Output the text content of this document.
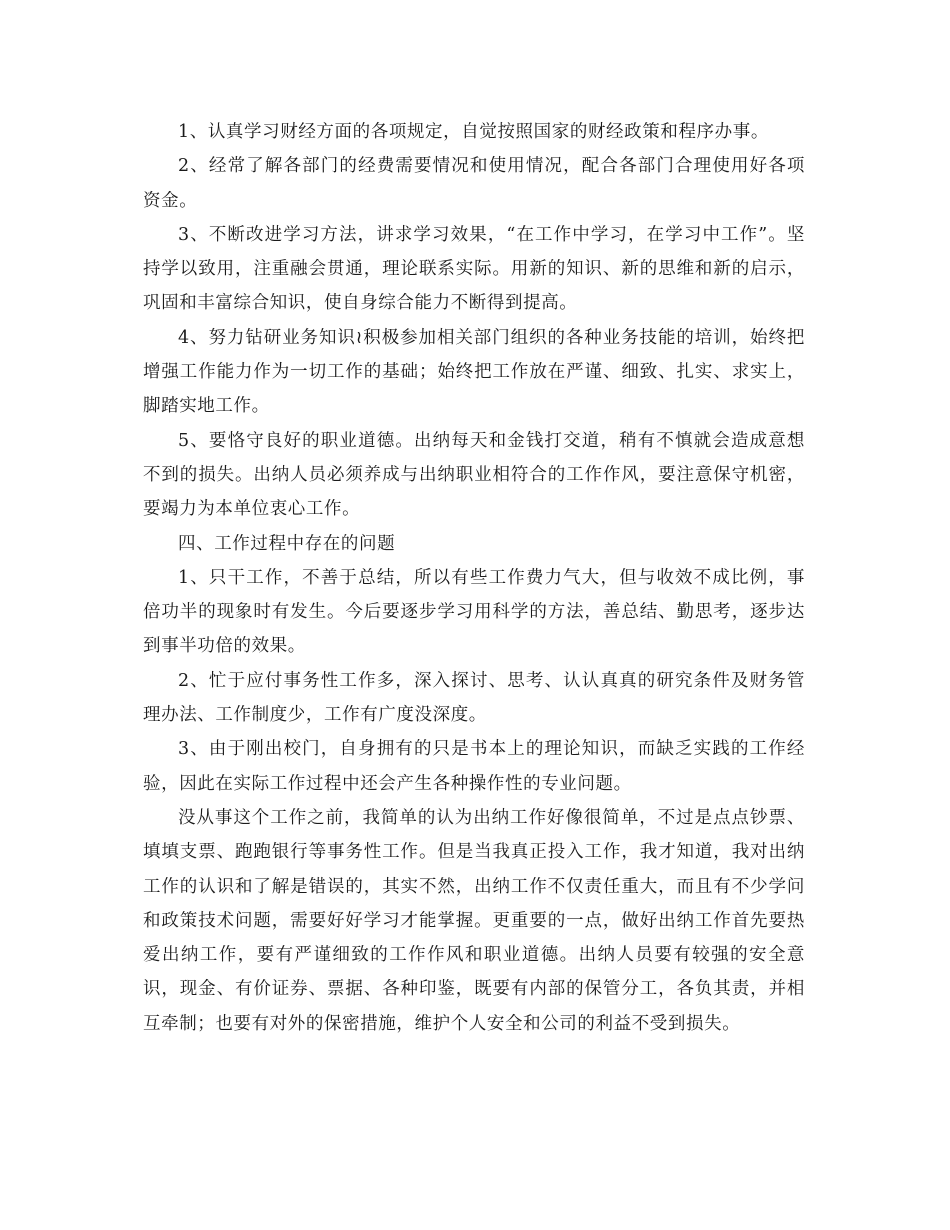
1、认真学习财经方面的各项规定，自觉按照国家的财经政策和程序办事。

2、经常了解各部门的经费需要情况和使用情况，配合各部门合理使用好各项资金。

3、不断改进学习方法，讲求学习效果，“在工作中学习，在学习中工作”。坚持学以致用，注重融会贯通，理论联系实际。用新的知识、新的思维和新的启示，巩固和丰富综合知识，使自身综合能力不断得到提高。

4、努力钻研业务知识≀积极参加相关部门组织的各种业务技能的培训，始终把增强工作能力作为一切工作的基础；始终把工作放在严谨、细致、扎实、求实上，脚踏实地工作。

5、要恪守良好的职业道德。出纳每天和金钱打交道，稍有不慎就会造成意想不到的损失。出纳人员必须养成与出纳职业相符合的工作作风，要注意保守机密，要竭力为本单位衷心工作。

四、工作过程中存在的问题

1、只干工作，不善于总结，所以有些工作费力气大，但与收效不成比例，事倍功半的现象时有发生。今后要逐步学习用科学的方法，善总结、勤思考，逐步达到事半功倍的效果。

2、忙于应付事务性工作多，深入探讨、思考、认认真真的研究条件及财务管理办法、工作制度少，工作有广度没深度。

3、由于刚出校门，自身拥有的只是书本上的理论知识，而缺乏实践的工作经验，因此在实际工作过程中还会产生各种操作性的专业问题。

没从事这个工作之前，我简单的认为出纳工作好像很简单，不过是点点钞票、填填支票、跑跑银行等事务性工作。但是当我真正投入工作，我才知道，我对出纳工作的认识和了解是错误的，其实不然，出纳工作不仅责任重大，而且有不少学问和政策技术问题，需要好好学习才能掌握。更重要的一点，做好出纳工作首先要热爱出纳工作，要有严谨细致的工作作风和职业道德。出纳人员要有较强的安全意识，现金、有价证券、票据、各种印鉴，既要有内部的保管分工，各负其责，并相互牵制；也要有对外的保密措施，维护个人安全和公司的利益不受到损失。
